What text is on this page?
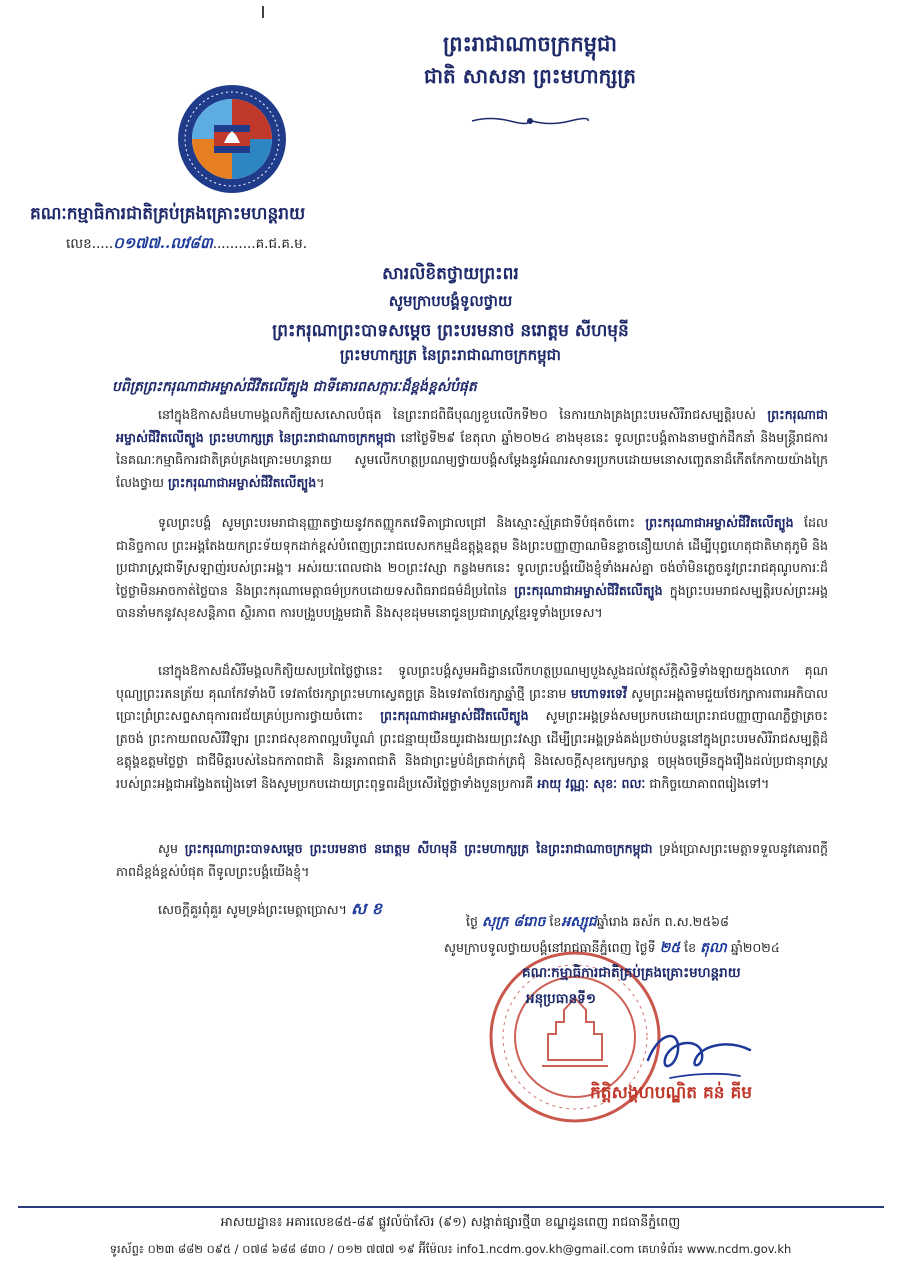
ព្រះរាជាណាចក្រកម្ពុជា
ជាតិ សាសនា ព្រះមហាក្សត្រ
គណៈកម្មាធិការជាតិគ្រប់គ្រងគ្រោះមហន្តរាយ
លេខ.....០១៧៧..លវ៨៣..........គ.ជ.គ.ម.
សារលិខិតថ្វាយព្រះពរ
សូមក្រាបបង្គំទូលថ្វាយ
ព្រះករុណាព្រះបាទសម្តេច ព្រះបរមនាថ នរោត្តម សីហមុនី
ព្រះមហាក្សត្រ នៃព្រះរាជាណាចក្រកម្ពុជា
បពិត្រព្រះករុណាជាអម្ចាស់ជីវិតលើត្បូង ជាទីគោរពសក្ការៈដ៏ខ្ពង់ខ្ពស់បំផុត

នៅក្នុងឱកាសដ៏មហាមង្គលកិត្យិយសសោលបំផុត នៃព្រះរាជពិធីបុណ្យខួបលើកទី២០ នៃការយាងគ្រងព្រះបរមសិរីរាជសម្បត្តិរបស់ ព្រះករុណាជាអម្ចាស់ជីវិតលើត្បូង ព្រះមហាក្សត្រ នៃព្រះរាជាណាចក្រកម្ពុជា នៅថ្ងៃទី២៩ ខែតុលា ឆ្នាំ២០២៤ ខាងមុខនេះ ទូលព្រះបង្គំតាងនាមថ្នាក់ដឹកនាំ និងមន្ត្រីរាជការ នៃគណៈកម្មាធិការជាតិគ្រប់គ្រងគ្រោះមហន្តរាយ សូមលើកហត្ថប្រណម្យថ្វាយបង្គំសម្តែងនូវអំណរសាទរប្រកបដោយមនោសញ្ចេតនាដ៏កើតកែកាយយ៉ាងក្រៃលែងថ្វាយ ព្រះករុណាជាអម្ចាស់ជីវិតលើត្បូង។

ទូលព្រះបង្គំ សូមព្រះបរមរាជានុញ្ញាតថ្វាយនូវកតញ្ញូកតវេទិតាជ្រាលជ្រៅ និងស្មោះស្ម័គ្រជាទីបំផុតចំពោះ ព្រះករុណាជាអម្ចាស់ជីវិតលើត្បូង ដែលជានិច្ចកាល ព្រះអង្គតែងយកព្រះទ័យទុកដាក់ខ្ពស់បំពេញព្រះរាជបេសកកម្មដ៏ឧត្តុង្គឧត្តម និងព្រះបញ្ញាញាណមិនខ្លាចនឿយហត់ ដើម្បីបុព្វហេតុជាតិមាតុភូមិ និងប្រជារាស្ត្រជាទីស្រឡាញ់របស់ព្រះអង្គ។ អស់រយៈពេលជាង ២០ព្រះវស្សា កន្លងមកនេះ ទូលព្រះបង្គំយើងខ្ញុំទាំងអស់គ្នា ចង់ចាំមិនភ្លេចនូវព្រះរាជគុណូបការៈដ៏ថ្លៃថ្លាមិនអាចកាត់ថ្លៃបាន និងព្រះករុណាមេត្តាធម៌ប្រកបដោយទសពិធរាជធម៌ដ៏ប្រពៃនៃ ព្រះករុណាជាអម្ចាស់ជីវិតលើត្បូង ក្នុងព្រះបរមរាជសម្បត្តិរបស់ព្រះអង្គបាននាំមកនូវសុខសន្តិភាព ស្ថិរភាព ការបង្រួបបង្រួមជាតិ និងសុខដុមមនោជូនប្រជារាស្ត្រខ្មែរទូទាំងប្រទេស។

នៅក្នុងឱកាសដ៏សិរីមង្គលកិត្យិយសប្រពៃថ្លៃថ្លានេះ ទូលព្រះបង្គំសូមអធិដ្ឋានលើកហត្ថប្រណម្យបួងសួងដល់វត្ថុស័ក្តិសិទ្ធិទាំងឡាយក្នុងលោក គុណបុណ្យព្រះរតនត្រ័យ គុណកែវទាំងបី ទេវតាថែរក្សាព្រះមហាស្វេតច្ឆត្រ និងទេវតាថែរក្សាឆ្នាំថ្មី ព្រះនាម មហោទរទេវី សូមព្រះអង្គតាមជួយថែរក្សាការពារអភិបាលប្រោះព្រំព្រះសព្ទសាធុការពរជ័យគ្រប់ប្រការថ្វាយចំពោះ ព្រះករុណាជាអម្ចាស់ជីវិតលើត្បូង សូមព្រះអង្គទ្រង់សមប្រកបដោយព្រះរាជបញ្ញាញាណភ្លឺថ្លាត្រចះត្រចង់ ព្រះកាយពលសិរីវិឡារ ព្រះរាជសុខភាពល្អបរិបូណ៌ ព្រះជន្មាយុយឺនយូរជាងរយព្រះវស្សា ដើម្បីព្រះអង្គទ្រង់គង់ប្រថាប់បន្តនៅក្នុងព្រះបរមសិរីរាជសម្បត្តិដ៏ឧត្តុង្គឧត្តមថ្លៃថ្លា ជាជីមិត្តរបស់នៃឯកភាពជាតិ និរន្តរភាពជាតិ និងជាព្រះម្លប់ដ៏ត្រជាក់ត្រជុំ និងសេចក្តីសុខក្សេមក្សាន្ត ចម្រុងចម្រើនក្នុងរឿងដល់ប្រជានុរាស្ត្ររបស់ព្រះអង្គជាអង្វែងតរៀងទៅ និងសូមប្រកបដោយព្រះពុទ្ធពរដ៏ប្រសើរថ្លៃថ្លាទាំងបួនប្រការគឺ អាយុ វណ្ណៈ សុខៈ ពលៈ ជាកិច្ចយោគាពពរៀងទៅ។

សូម ព្រះករុណាព្រះបាទសម្តេច ព្រះបរមនាថ នរោត្តម សីហមុនី ព្រះមហាក្សត្រ នៃព្រះរាជាណាចក្រកម្ពុជា ទ្រង់ប្រោសព្រះមេត្តាទទួលនូវគោរពក្តីភាពដ៏ខ្ពង់ខ្ពស់បំផុត ពីទូលព្រះបង្គំយើងខ្ញុំ។

សេចក្តីគួរពុំគួរ សូមទ្រង់ព្រះមេត្តាប្រោស។ ស ខ
ថ្ងៃ សុក្រ ៨រោច ខែអស្សុជឆ្នាំរោង ឆស័ក ព.ស.២៥៦៨
សូមក្រាបទូលថ្វាយបង្គំនៅរាជធានីភ្នំពេញ ថ្ងៃទី ២៥ ខែ តុលា ឆ្នាំ២០២៤
គណៈកម្មាធិការជាតិគ្រប់គ្រងគ្រោះមហន្តរាយ
អនុប្រធានទី១
កិត្តិសង្គហបណ្ឌិត គន់ គីម
អាសយដ្ឋាន៖ អគារលេខ៨៥-៨៩ ផ្លូវលំប៉ាស៊ែរ (៩១) សង្កាត់ផ្សារថ្មី៣ ខណ្ឌដូនពេញ រាជធានីភ្នំពេញ
ទូរស័ព្ទ៖ ០២៣ ៨៨២ ០៩៥ / ០៧៨ ៦៨៨ ៨៣០ / ០១២ ៧៧៧ ១៩ អ៊ីម៉ែល៖ info1.ncdm.gov.kh@gmail.com គេហទំព័រ៖ www.ncdm.gov.kh
